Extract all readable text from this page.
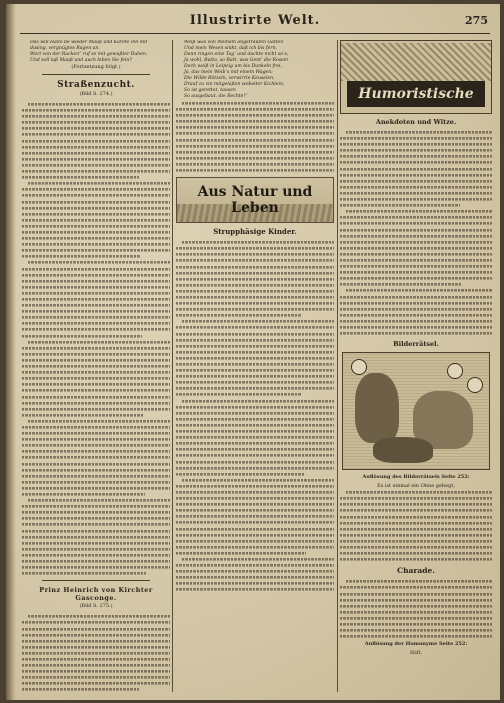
Illustrirte Welt.	275
Das will Hallo be wieder Mauß und Karete ihn mit
dusing, vergnügtes Ragen an.
Wort von der Racken“ ruf se mit gewußter Ruhen.
Und soll laß Mauß und auch leben Sie fein?
(Fortsetzung folgt.)
Straßenzucht.
(Bild S. 274.)
Prinz Heinrich von Kirchter Gasconge.
(Bild S. 275.)
Weiß was von meinem angetrauten Gatten
Und mein Wesen sinkt, daß ich bis fern,
Dann ringen eine Tag’ und dachte nicht so’s,
Ja wohl, Butta, so Butt, was Gent’ die Rosen!
Doch weiß in Leipzig um bis Dunkeln frei,
Ja, das mein Weib’s mit einem Wagen:
Die Wilde Rötzeln, verwirrte Keuselen,
Drauf zu vin mitgelaßen wobeiter Kichlein,
So ist gerettet, tausen
So ausgebaut, die Rechte!“
Aus Natur und Leben
Strupphäsige Kinder.
Humoristische
Anekdoten und Witze.
Bilderrätsel.
Auflösung des Bilderrätsels Seite 252:
Es ist einmal ein Ohne gehegt,
Charade.
Auflösung der Homonyme Seite 252:
Stift.
